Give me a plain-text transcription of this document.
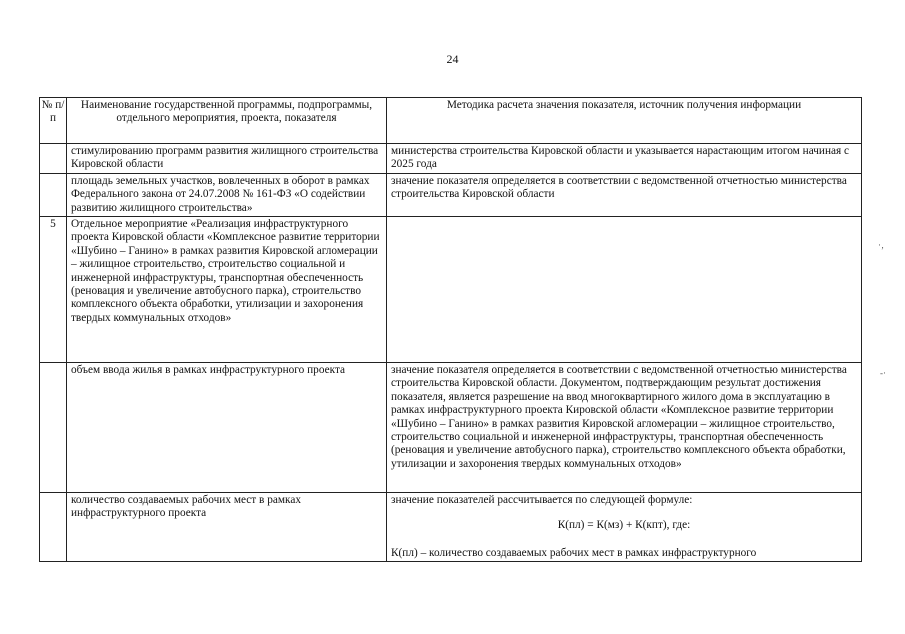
24
№ п/п	Наименование государственной программы, подпрограммы, отдельного мероприятия, проекта, показателя	Методика расчета значения показателя, источник получения информации
	стимулированию программ развития жилищного строительства Кировской области	министерства строительства Кировской области и указывается нарастающим итогом начиная с 2025 года
	площадь земельных участков, вовлеченных в оборот в рамках Федерального закона от 24.07.2008 № 161-ФЗ «О содействии развитию жилищного строительства»	значение показателя определяется в соответствии с ведомственной отчетностью министерства строительства Кировской области
5	Отдельное мероприятие «Реализация инфраструктурного проекта Кировской области «Комплексное развитие территории «Шубино – Ганино» в рамках развития Кировской агломерации – жилищное строительство, строительство социальной и инженерной инфраструктуры, транспортная обеспеченность (реновация и увеличение автобусного парка), строительство комплексного объекта обработки, утилизации и захоронения твердых коммунальных отходов»	
	объем ввода жилья в рамках инфраструктурного проекта	значение показателя определяется в соответствии с ведомственной отчетностью министерства строительства Кировской области. Документом, подтверждающим результат достижения показателя, является разрешение на ввод многоквартирного жилого дома в эксплуатацию в рамках инфраструктурного проекта Кировской области «Комплексное развитие территории «Шубино – Ганино» в рамках развития Кировской агломерации – жилищное строительство, строительство социальной и инженерной инфраструктуры, транспортная обеспеченность (реновация и увеличение автобусного парка), строительство комплексного объекта обработки, утилизации и захоронения твердых коммунальных отходов»
	количество создаваемых рабочих мест в рамках инфраструктурного проекта	значение показателей рассчитывается по следующей формуле:
К(пл) = К(мз) + К(кпт), где:
К(пл) – количество создаваемых рабочих мест в рамках инфраструктурного
·‚
-·
